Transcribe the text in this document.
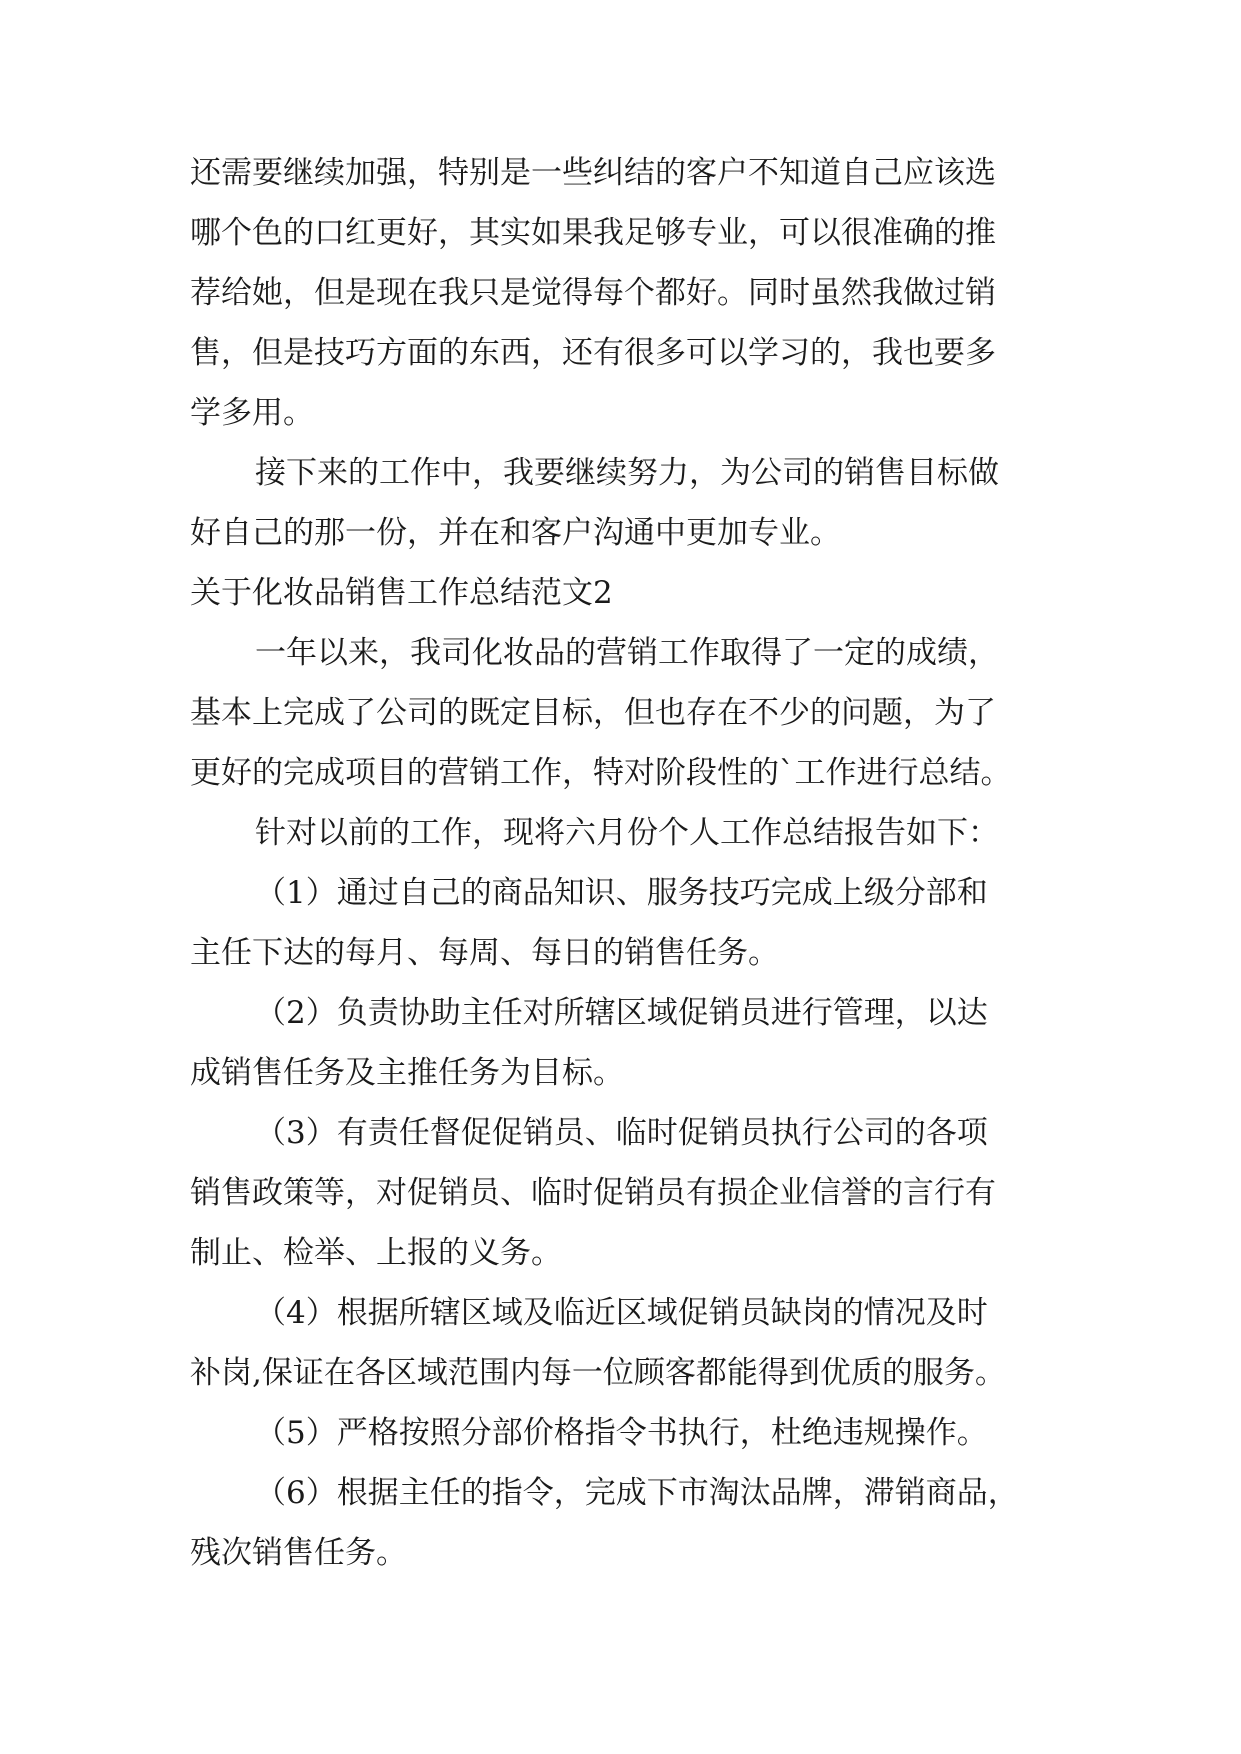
还需要继续加强，特别是一些纠结的客户不知道自己应该选

哪个色的口红更好，其实如果我足够专业，可以很准确的推

荐给她，但是现在我只是觉得每个都好。同时虽然我做过销

售，但是技巧方面的东西，还有很多可以学习的，我也要多

学多用。

接下来的工作中，我要继续努力，为公司的销售目标做

好自己的那一份，并在和客户沟通中更加专业。

关于化妆品销售工作总结范文2

一年以来，我司化妆品的营销工作取得了一定的成绩，

基本上完成了公司的既定目标，但也存在不少的问题，为了

更好的完成项目的营销工作，特对阶段性的`工作进行总结。

针对以前的工作，现将六月份个人工作总结报告如下：

（1）通过自己的商品知识、服务技巧完成上级分部和

主任下达的每月、每周、每日的销售任务。

（2）负责协助主任对所辖区域促销员进行管理，以达

成销售任务及主推任务为目标。

（3）有责任督促促销员、临时促销员执行公司的各项

销售政策等，对促销员、临时促销员有损企业信誉的言行有

制止、检举、上报的义务。

（4）根据所辖区域及临近区域促销员缺岗的情况及时

补岗,保证在各区域范围内每一位顾客都能得到优质的服务。

（5）严格按照分部价格指令书执行，杜绝违规操作。

（6）根据主任的指令，完成下市淘汰品牌，滞销商品，

残次销售任务。
